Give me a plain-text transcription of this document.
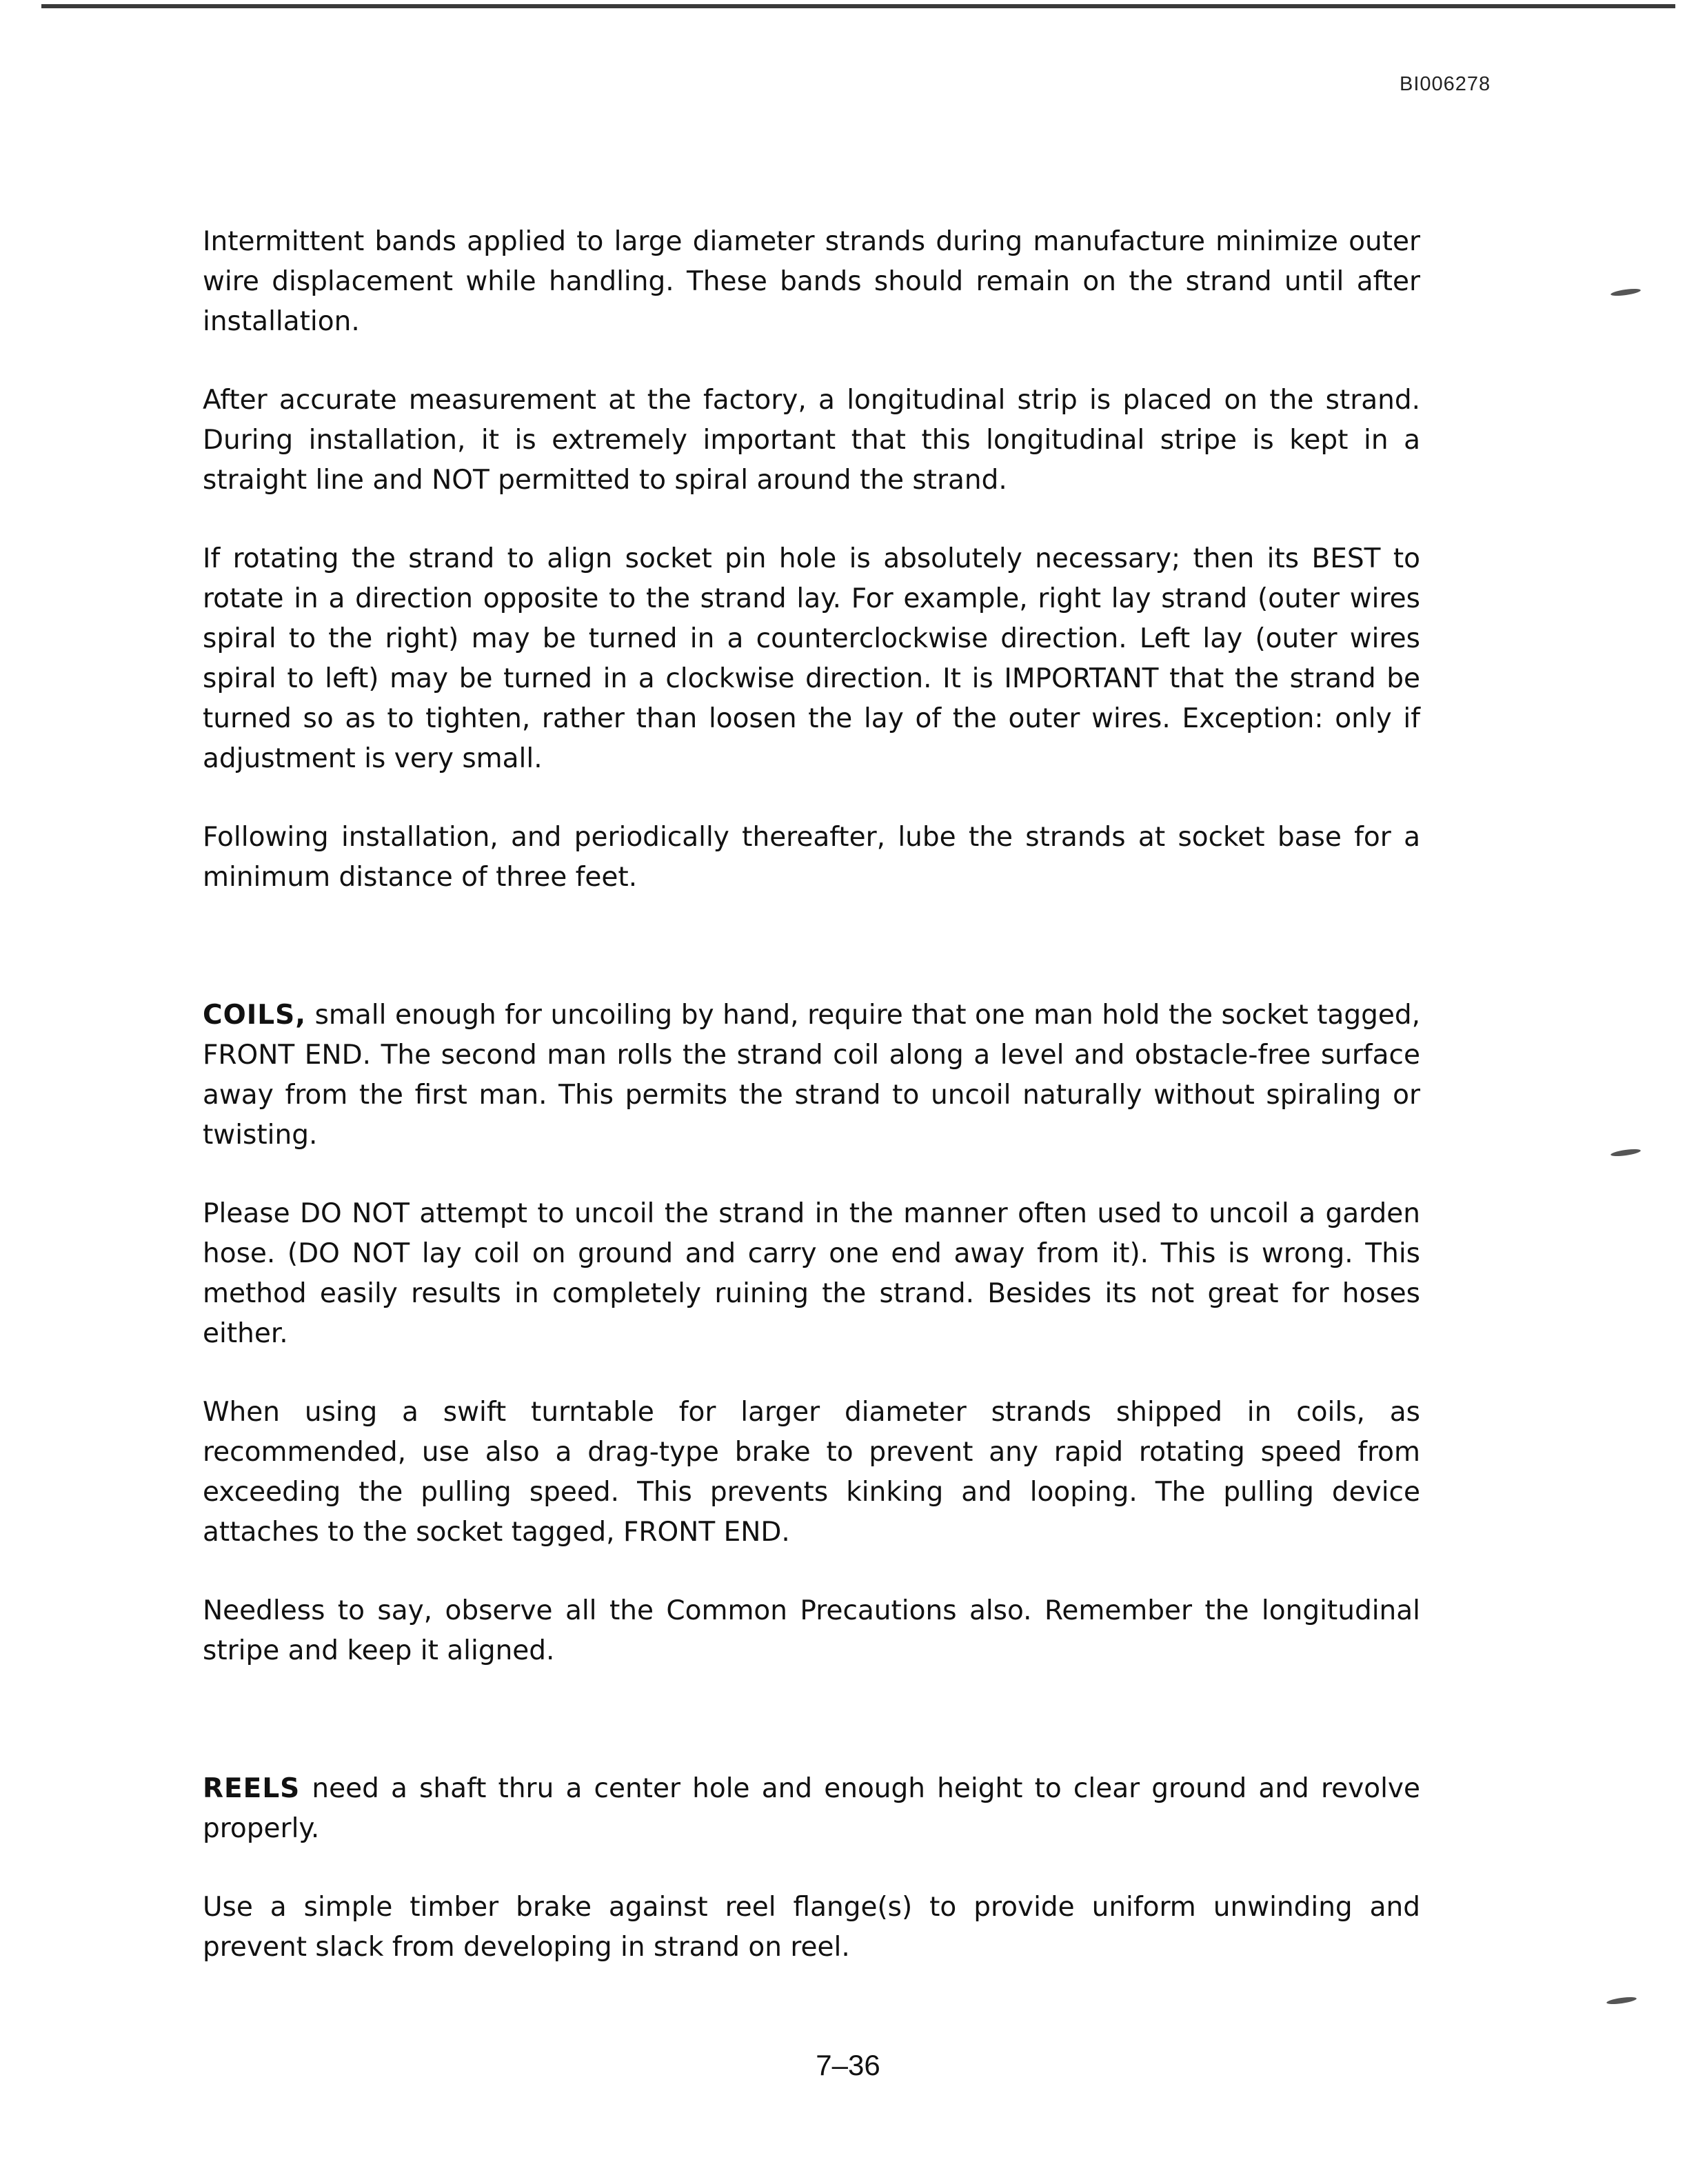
BI006278

Intermittent bands applied to large diameter strands during manufacture minimize outer wire displacement while handling. These bands should remain on the strand until after installation.

After accurate measurement at the factory, a longitudinal strip is placed on the strand. During installation, it is extremely important that this longitudinal stripe is kept in a straight line and NOT permitted to spiral around the strand.

If rotating the strand to align socket pin hole is absolutely necessary; then its BEST to rotate in a direction opposite to the strand lay. For example, right lay strand (outer wires spiral to the right) may be turned in a counterclockwise direction. Left lay (outer wires spiral to left) may be turned in a clockwise direction. It is IMPORTANT that the strand be turned so as to tighten, rather than loosen the lay of the outer wires. Exception: only if adjustment is very small.

Following installation, and periodically thereafter, lube the strands at socket base for a minimum distance of three feet.

COILS, small enough for uncoiling by hand, require that one man hold the socket tagged, FRONT END. The second man rolls the strand coil along a level and obstacle-free surface away from the first man. This permits the strand to uncoil naturally without spiraling or twisting.

Please DO NOT attempt to uncoil the strand in the manner often used to uncoil a garden hose. (DO NOT lay coil on ground and carry one end away from it). This is wrong. This method easily results in completely ruining the strand. Besides its not great for hoses either.

When using a swift turntable for larger diameter strands shipped in coils, as recommended, use also a drag-type brake to prevent any rapid rotating speed from exceeding the pulling speed. This prevents kinking and looping. The pulling device attaches to the socket tagged, FRONT END.

Needless to say, observe all the Common Precautions also. Remember the longitudinal stripe and keep it aligned.

REELS need a shaft thru a center hole and enough height to clear ground and revolve properly.

Use a simple timber brake against reel flange(s) to provide uniform unwinding and prevent slack from developing in strand on reel.

7–36
